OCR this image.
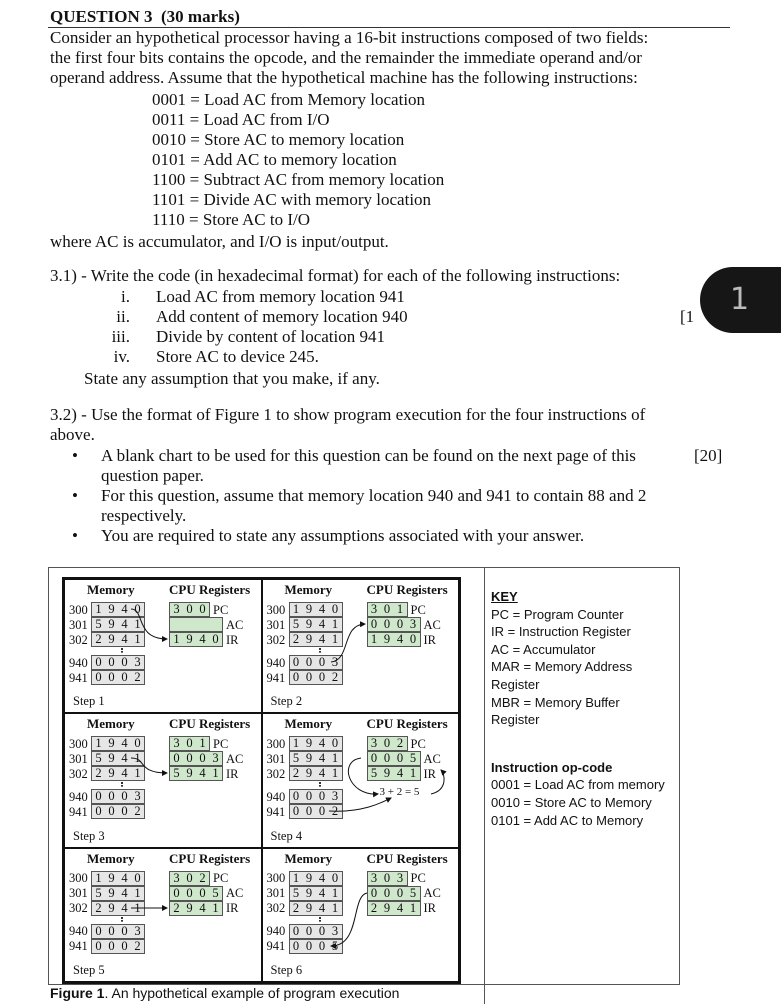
QUESTION 3 (30 marks)
Consider an hypothetical processor having a 16-bit instructions composed of two fields:
the first four bits contains the opcode, and the remainder the immediate operand and/or
operand address. Assume that the hypothetical machine has the following instructions:
0001 = Load AC from Memory location
0011 = Load AC from I/O
0010 = Store AC to memory location
0101 = Add AC to memory location
1100 = Subtract AC from memory location
1101 = Divide AC with memory location
1110 = Store AC to I/O
where AC is accumulator, and I/O is input/output.
3.1) - Write the code (in hexadecimal format) for each of the following instructions:
i. Load AC from memory location 941
ii. Add content of memory location 940
iii. Divide by content of location 941
iv. Store AC to device 245.
State any assumption that you make, if any.
[1	1
3.2) - Use the format of Figure 1 to show program execution for the four instructions of
above.
[20]
• A blank chart to be used for this question can be found on the next page of this
question paper.

• For this question, assume that memory location 940 and 941 to contain 88 and 2
respectively.

• You are required to state any assumptions associated with your answer.
Memory	CPU Registers
300 1 9 4 0
301 5 9 4 1
302 2 9 4 1
940 0 0 0 3
941 0 0 0 2
3 0 0 PC
AC
1 9 4 0 IR
Step 1
Memory	CPU Registers
300 1 9 4 0
301 5 9 4 1
302 2 9 4 1
940 0 0 0 3
941 0 0 0 2
3 0 1 PC
0 0 0 3 AC
1 9 4 0 IR
Step 2
Memory	CPU Registers
300 1 9 4 0
301 5 9 4 1
302 2 9 4 1
940 0 0 0 3
941 0 0 0 2
3 0 1 PC
0 0 0 3 AC
5 9 4 1 IR
Step 3
Memory	CPU Registers
300 1 9 4 0
301 5 9 4 1
302 2 9 4 1
940 0 0 0 3
941 0 0 0 2
3 0 2 PC
0 0 0 5 AC
5 9 4 1 IR
3 + 2 = 5
Step 4
Memory	CPU Registers
300 1 9 4 0
301 5 9 4 1
302 2 9 4 1
940 0 0 0 3
941 0 0 0 2
3 0 2 PC
0 0 0 5 AC
2 9 4 1 IR
Step 5
Memory	CPU Registers
300 1 9 4 0
301 5 9 4 1
302 2 9 4 1
940 0 0 0 3
941 0 0 0 5
3 0 3 PC
0 0 0 5 AC
2 9 4 1 IR
Step 6
KEY
PC = Program Counter
IR = Instruction Register
AC = Accumulator
MAR = Memory Address
Register
MBR = Memory Buffer
Register
Instruction op-code
0001 = Load AC from memory
0010 = Store AC to Memory
0101 = Add AC to Memory
Figure 1. An hypothetical example of program execution
